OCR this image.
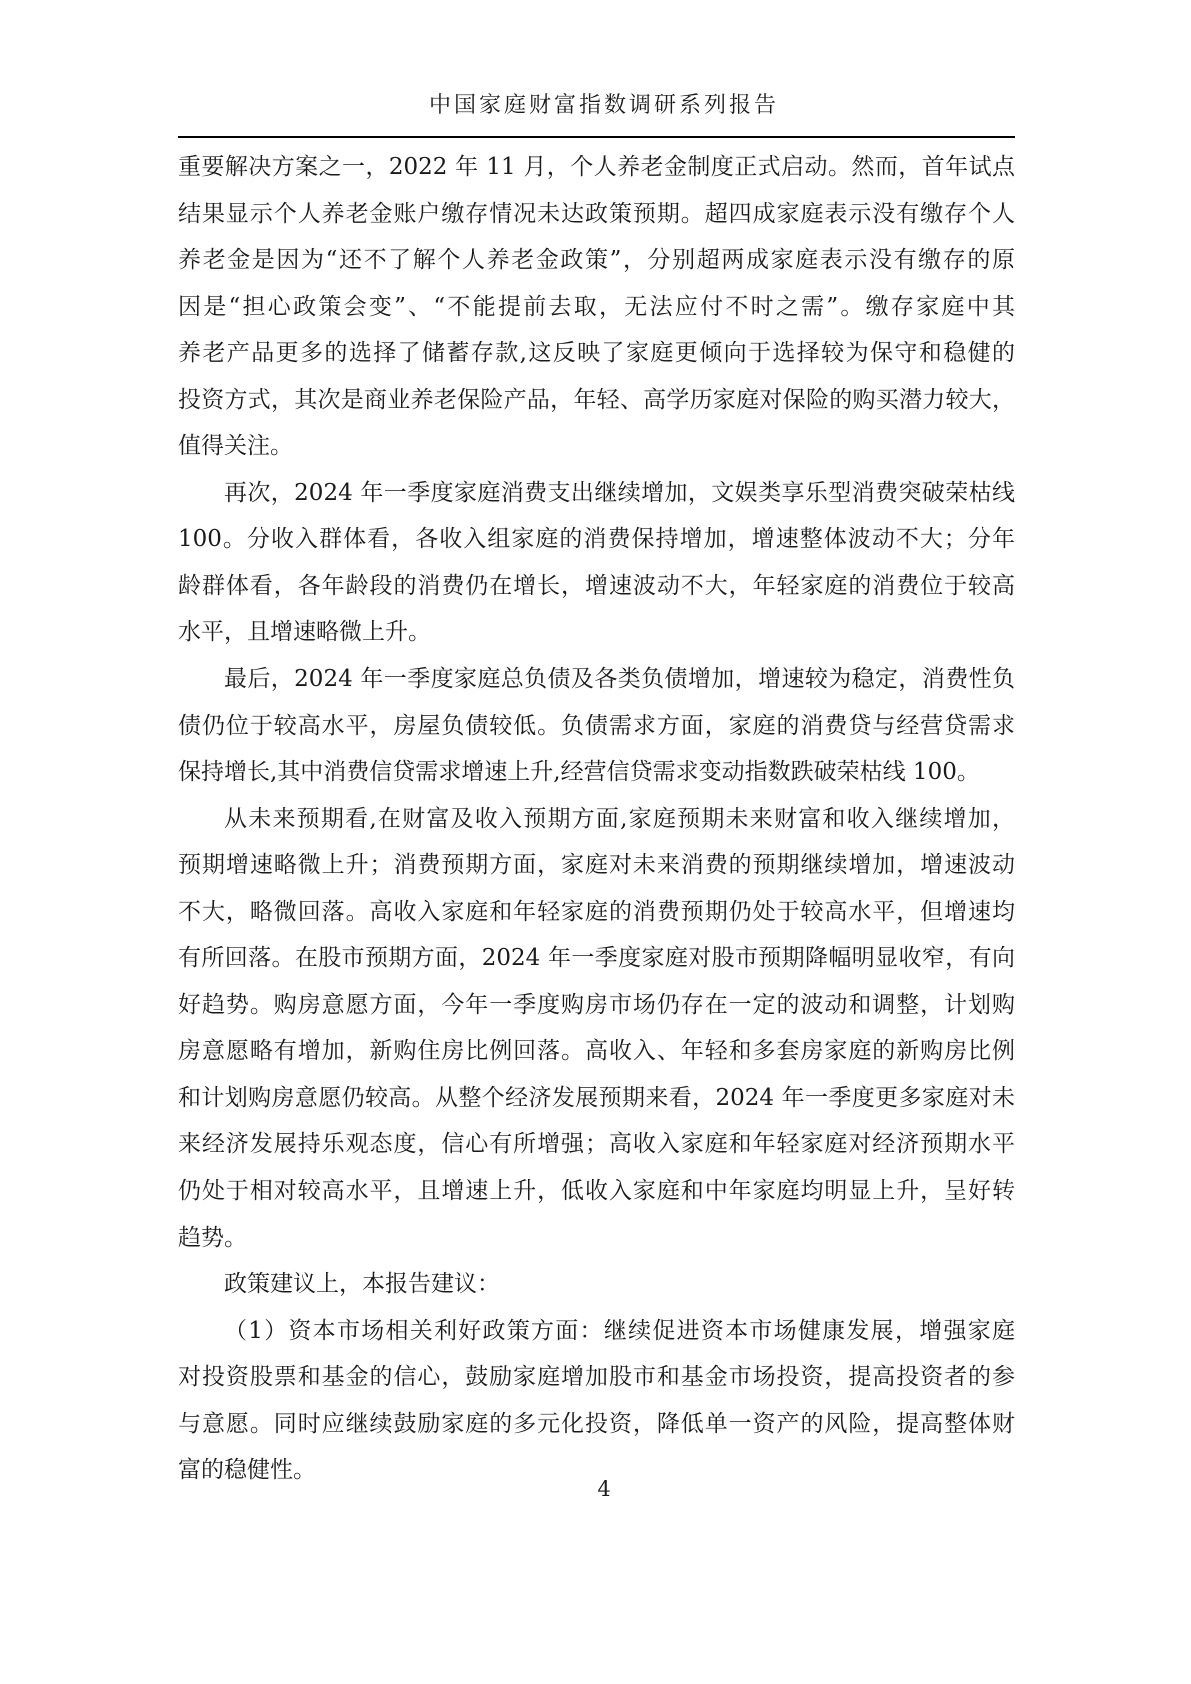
中国家庭财富指数调研系列报告
重要解决方案之一，2022 年 11 月，个人养老金制度正式启动。然而，首年试点
结果显示个人养老金账户缴存情况未达政策预期。超四成家庭表示没有缴存个人
养老金是因为“还不了解个人养老金政策”，分别超两成家庭表示没有缴存的原
因是“担心政策会变”、“不能提前去取，无法应付不时之需”。缴存家庭中其
养老产品更多的选择了储蓄存款,这反映了家庭更倾向于选择较为保守和稳健的
投资方式，其次是商业养老保险产品，年轻、高学历家庭对保险的购买潜力较大，
值得关注。
再次，2024 年一季度家庭消费支出继续增加，文娱类享乐型消费突破荣枯线
100。分收入群体看，各收入组家庭的消费保持增加，增速整体波动不大；分年
龄群体看，各年龄段的消费仍在增长，增速波动不大，年轻家庭的消费位于较高
水平，且增速略微上升。
最后，2024 年一季度家庭总负债及各类负债增加，增速较为稳定，消费性负
债仍位于较高水平，房屋负债较低。负债需求方面，家庭的消费贷与经营贷需求
保持增长,其中消费信贷需求增速上升,经营信贷需求变动指数跌破荣枯线 100。
从未来预期看,在财富及收入预期方面,家庭预期未来财富和收入继续增加，
预期增速略微上升；消费预期方面，家庭对未来消费的预期继续增加，增速波动
不大，略微回落。高收入家庭和年轻家庭的消费预期仍处于较高水平，但增速均
有所回落。在股市预期方面，2024 年一季度家庭对股市预期降幅明显收窄，有向
好趋势。购房意愿方面，今年一季度购房市场仍存在一定的波动和调整，计划购
房意愿略有增加，新购住房比例回落。高收入、年轻和多套房家庭的新购房比例
和计划购房意愿仍较高。从整个经济发展预期来看，2024 年一季度更多家庭对未
来经济发展持乐观态度，信心有所增强；高收入家庭和年轻家庭对经济预期水平
仍处于相对较高水平，且增速上升，低收入家庭和中年家庭均明显上升，呈好转
趋势。
政策建议上，本报告建议：
（1）资本市场相关利好政策方面：继续促进资本市场健康发展，增强家庭
对投资股票和基金的信心，鼓励家庭增加股市和基金市场投资，提高投资者的参
与意愿。同时应继续鼓励家庭的多元化投资，降低单一资产的风险，提高整体财
富的稳健性。
4
